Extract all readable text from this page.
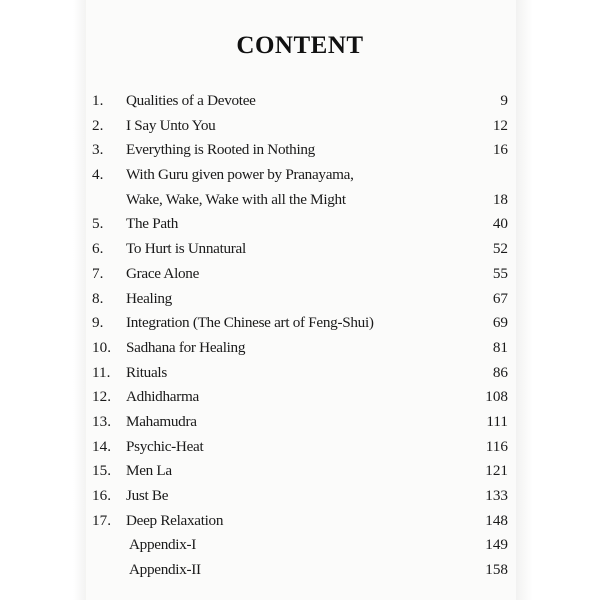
CONTENT
1.	Qualities of a Devotee	9
2.	I Say Unto You	12
3.	Everything is Rooted in Nothing	16
4.	With Guru given power by Pranayama,
Wake, Wake, Wake with all the Might	18
5.	The Path	40
6.	To Hurt is Unnatural	52
7.	Grace Alone	55
8.	Healing	67
9.	Integration (The Chinese art of Feng-Shui)	69
10. Sadhana for Healing	81
11.	Rituals	86
12. Adhidharma	108
13. Mahamudra	111
14. Psychic-Heat	116
15. Men La	121
16. Just Be	133
17. Deep Relaxation	148
Appendix-I	149
Appendix-II	158
